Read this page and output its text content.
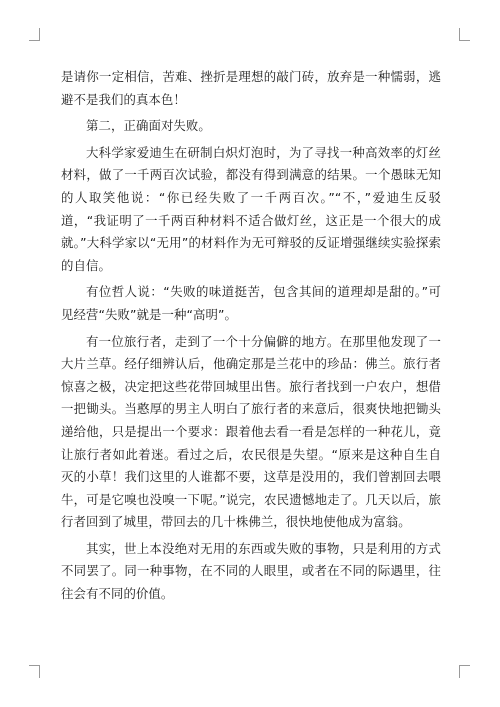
是请你一定相信，苦难、挫折是理想的敲门砖，放弃是一种懦弱，逃避不是我们的真本色！

第二，正确面对失败。

大科学家爱迪生在研制白炽灯泡时，为了寻找一种高效率的灯丝材料，做了一千两百次试验，都没有得到满意的结果。一个愚昧无知的人取笑他说：“你已经失败了一千两百次。”“不，”爱迪生反驳道，“我证明了一千两百种材料不适合做灯丝，这正是一个很大的成就。”大科学家以“无用”的材料作为无可辩驳的反证增强继续实验探索的自信。

有位哲人说：“失败的味道挺苦，包含其间的道理却是甜的。”可见经营“失败”就是一种“高明”。

有一位旅行者，走到了一个十分偏僻的地方。在那里他发现了一大片兰草。经仔细辨认后，他确定那是兰花中的珍品：佛兰。旅行者惊喜之极，决定把这些花带回城里出售。旅行者找到一户农户，想借一把锄头。当憨厚的男主人明白了旅行者的来意后，很爽快地把锄头递给他，只是提出一个要求：跟着他去看一看是怎样的一种花儿，竟让旅行者如此着迷。看过之后，农民很是失望。“原来是这种自生自灭的小草！我们这里的人谁都不要，这草是没用的，我们曾割回去喂牛，可是它嗅也没嗅一下呢。”说完，农民遗憾地走了。几天以后，旅行者回到了城里，带回去的几十株佛兰，很快地使他成为富翁。

其实，世上本没绝对无用的东西或失败的事物，只是利用的方式不同罢了。同一种事物，在不同的人眼里，或者在不同的际遇里，往往会有不同的价值。
